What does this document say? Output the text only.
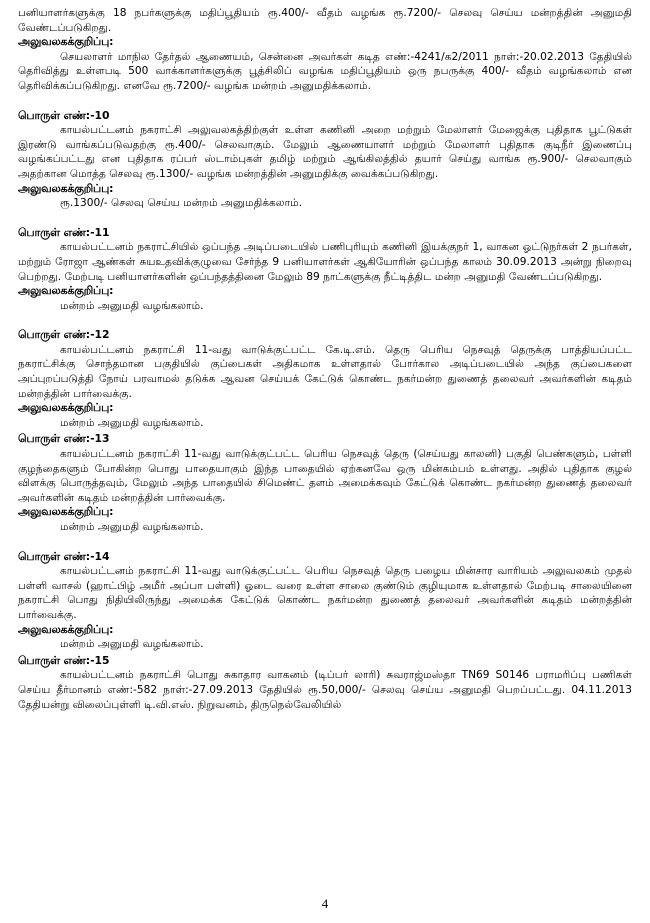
பனியாளர்களுக்கு 18 நபர்களுக்கு மதிப்பூதியம் ரூ.400/- வீதம் வழங்க ரூ.7200/- செலவு செய்ய மன்றத்தின் அனுமதி வேண்டப்படுகிறது.

அலுவலகக்குறிப்பு:

செயலாளர் மாநில தேர்தல் ஆணையம், சென்னை அவர்கள் கடித எண்:-4241/க2/2011 நாள்:-20.02.2013 தேதியில் தெரிவித்து உள்ளபடி 500 வாக்காளர்களுக்கு பூத்சிலிப் வழங்க மதிப்பூதியம் ஒரு நபருக்கு 400/- வீதம் வழங்கலாம் என தெரிவிக்கப்படுகிறது. எனவே ரூ.7200/- வழங்க மன்றம் அனுமதிக்கலாம்.

பொருள் எண்:-10

காயல்பட்டனம் நகராட்சி அலுவலகத்திற்குள் உள்ள கணினி அறை மற்றும் மேலாளர் மேஜைக்கு புதிதாக பூட்டுகள் இரண்டு வாங்கப்படுவதற்கு ரூ.400/- செலவாகும். மேலும் ஆணையாளர் மற்றும் மேலாளர் புதிதாக குடிநீர் இணைப்பு வழங்கப்பட்டது என புதிதாக ரப்பர் ஸ்டாம்புகள் தமிழ் மற்றும் ஆங்கிலத்தில் தயார் செய்து வாங்க ரூ.900/- செலவாகும் அதற்கான மொத்த செலவு ரூ.1300/- வழங்க மன்றத்தின் அனுமதிக்கு வைக்கப்படுகிறது.

அலுவலகக்குறிப்பு:

ரூ.1300/- செலவு செய்ய மன்றம் அனுமதிக்கலாம்.

பொருள் எண்:-11

காயல்பட்டனம் நகராட்சியில் ஒப்பந்த அடிப்படையில் பணிபுரியும் கணினி இயக்குநர் 1, வாகன ஓட்டுநர்கள் 2 நபர்கள், மற்றும் ரோஜா ஆண்கள் சுயஉதவிக்குழுவை சேர்ந்த 9 பனியாளர்கள் ஆகியோரின் ஒப்பந்த காலம் 30.09.2013 அன்று நிறைவு பெற்றது. மேற்படி பனியாளர்களின் ஒப்பந்தத்தினை மேலும் 89 நாட்களுக்கு நீட்டித்திட மன்ற அனுமதி வேண்டப்படுகிறது.

அலுவலகக்குறிப்பு:

மன்றம் அனுமதி வழங்கலாம்.

பொருள் எண்:-12

காயல்பட்டனம் நகராட்சி 11-வது வாடுக்குட்பட்ட கே.டி.எம். தெரு பெரிய நெசவுத் தெருக்கு பாத்தியப்பட்ட நகராட்சிக்கு சொந்தமான பகுதியில் குப்பைகள் அதிகமாக உள்ளதால் போர்கால அடிப்படையில் அந்த குப்பைகளை அப்புறப்படுத்தி நோய் பரவாமல் தடுக்க ஆவன செய்யக் கேட்டுக் கொண்ட நகர்மன்ற துணைத் தலைவர் அவர்களின் கடிதம் மன்றத்தின் பார்வைக்கு.

அலுவலகக்குறிப்பு:

மன்றம் அனுமதி வழங்கலாம்.

பொருள் எண்:-13

காயல்பட்டனம் நகராட்சி 11-வது வாடுக்குட்பட்ட பெரிய நெசவுத் தெரு (செய்யது காலனி) பகுதி பெண்களும், பள்ளி குழந்தைகளும் போகின்ற பொது பாதையாகும் இந்த பாதையில் ஏற்கனவே ஒரு மின்கம்பம் உள்ளது. அதில் புதிதாக குழல் விளக்கு பொருத்தவும், மேலும் அந்த பாதையில் சிமெண்ட் தளம் அமைக்கவும் கேட்டுக் கொண்ட நகர்மன்ற துணைத் தலைவர் அவர்களின் கடிதம் மன்றத்தின் பார்வைக்கு.

அலுவலகக்குறிப்பு:

மன்றம் அனுமதி வழங்கலாம்.

பொருள் எண்:-14

காயல்பட்டனம் நகராட்சி 11-வது வாடுக்குட்பட்ட பெரிய நெசவுத் தெரு பழைய மின்சார வாரியம் அலுவலகம் முதல் பள்ளி வாசல் (ஹாட்பிழ் அமீர் அப்பா பள்ளி) ஓடை வரை உள்ள சாலை குண்டும் குழியுமாக உள்ளதால் மேற்படி சாலையினை நகராட்சி பொது நிதியிலிருந்து அமைக்க கேட்டுக் கொண்ட நகர்மன்ற துணைத் தலைவர் அவர்களின் கடிதம் மன்றத்தின் பார்வைக்கு.

அலுவலகக்குறிப்பு:

மன்றம் அனுமதி வழங்கலாம்.

பொருள் எண்:-15

காயல்பட்டனம் நகராட்சி பொது சுகாதார வாகனம் (டிப்பர் லாரி) சுவராஜ்மஸ்தா TN69 S0146 பராமரிப்பு பணிகள் செய்ய தீர்மானம் எண்:-582 நாள்:-27.09.2013 தேதியில் ரூ.50,000/- செலவு செய்ய அனுமதி பெறப்பட்டது. 04.11.2013 தேதியன்று விலைப்புள்ளி டி.வி.எஸ். நிறுவனம், திருநெல்வேலியில்

4
